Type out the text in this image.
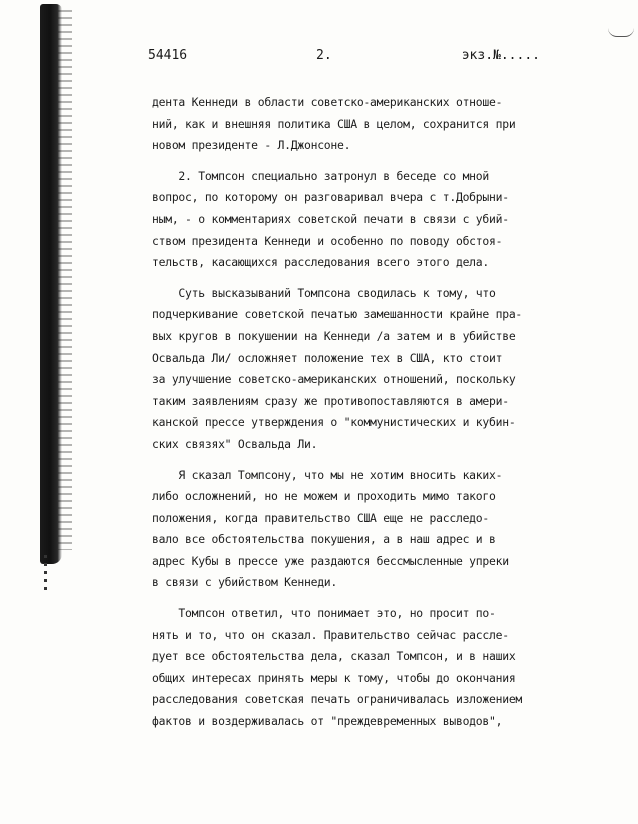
54416	2.	экз.№.....
дента Кеннеди в области советско-американских отноше-
ний, как и внешняя политика США в целом, сохранится при
новом президенте - Л.Джонсоне.
2. Томпсон специально затронул в беседе со мной
вопрос, по которому он разговаривал вчера с т.Добрыни-
ным, - о комментариях советской печати в связи с убий-
ством президента Кеннеди и особенно по поводу обстоя-
тельств, касающихся расследования всего этого дела.
Суть высказываний Томпсона сводилась к тому, что
подчеркивание советской печатью замешанности крайне пра-
вых кругов в покушении на Кеннеди /а затем и в убийстве
Освальда Ли/ осложняет положение тех в США, кто стоит
за улучшение советско-американских отношений, поскольку
таким заявлениям сразу же противопоставляются в амери-
канской прессе утверждения о "коммунистических и кубин-
ских связях" Освальда Ли.
Я сказал Томпсону, что мы не хотим вносить каких-
либо осложнений, но не можем и проходить мимо такого
положения, когда правительство США еще не расследо-
вало все обстоятельства покушения, а в наш адрес и в
адрес Кубы в прессе уже раздаются бессмысленные упреки
в связи с убийством Кеннеди.
Томпсон ответил, что понимает это, но просит по-
нять и то, что он сказал. Правительство сейчас рассле-
дует все обстоятельства дела, сказал Томпсон, и в наших
общих интересах принять меры к тому, чтобы до окончания
расследования советская печать ограничивалась изложением
фактов и воздерживалась от "преждевременных выводов",
